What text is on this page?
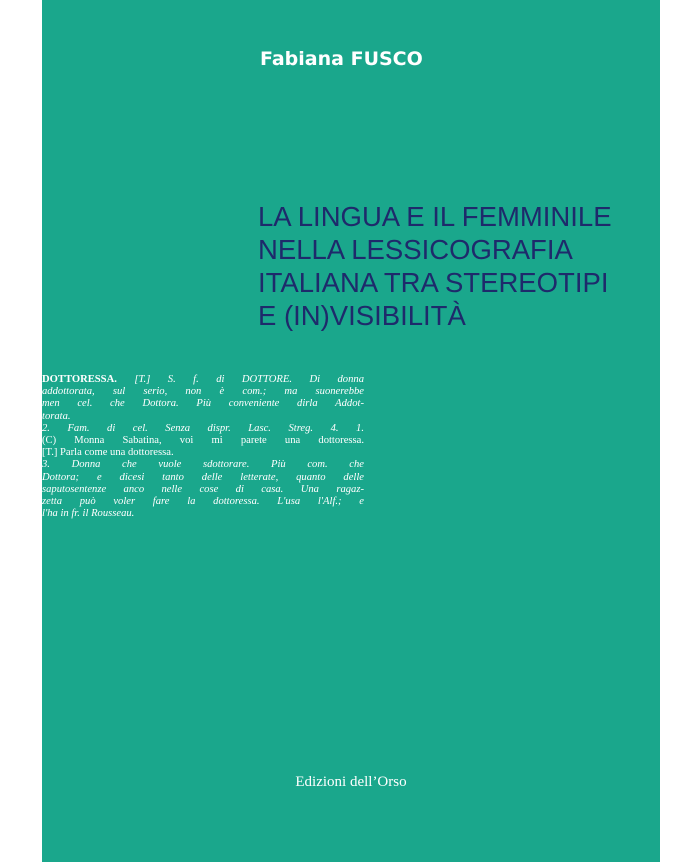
Fabiana FUSCO
LA LINGUA E IL FEMMINILE
NELLA LESSICOGRAFIA
ITALIANA TRA STEREOTIPI
E (IN)VISIBILITÀ
DOTTORESSA. [T.] S. f. di DOTTORE. Di donna
addottorata, sul serio, non è com.; ma suonerebbe
men cel. che Dottora. Più conveniente dirla Addot-
torata.
2. Fam. di cel. Senza dispr. Lasc. Streg. 4. 1.
(C) Monna Sabatina, voi mi parete una dottoressa.
[T.] Parla come una dottoressa.
3. Donna che vuole sdottorare. Più com. che
Dottora; e dicesi tanto delle letterate, quanto delle
saputosentenze anco nelle cose di casa. Una ragaz-
zetta può voler fare la dottoressa. L'usa l'Alf.; e
l'ha in fr. il Rousseau.
Edizioni dell’Orso
